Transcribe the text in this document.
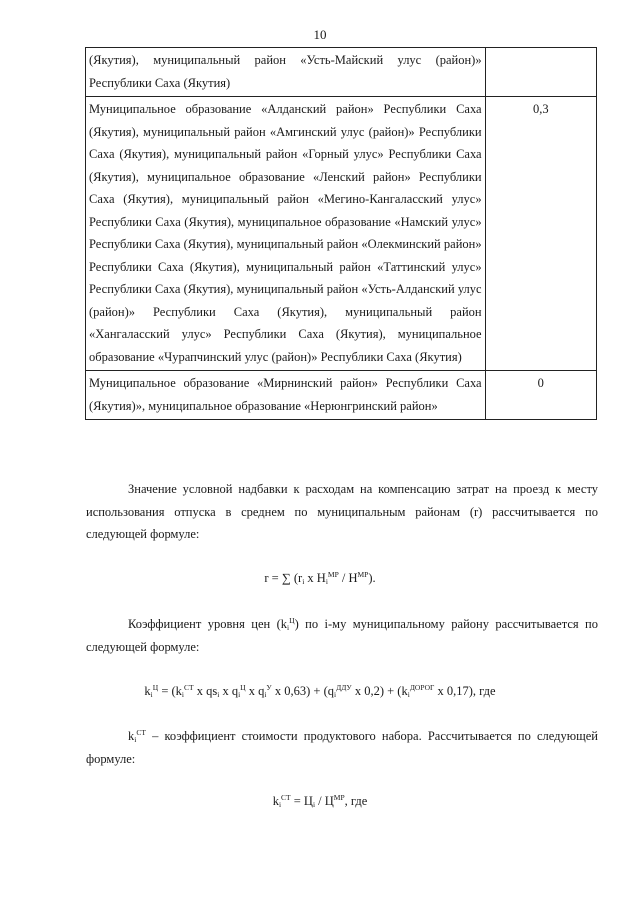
10
(Якутия), муниципальный район «Усть-Майский улус (район)» Республики Саха (Якутия)	
Муниципальное образование «Алданский район» Республики Саха (Якутия), муниципальный район «Амгинский улус (район)» Республики Саха (Якутия), муниципальный район «Горный улус» Республики Саха (Якутия), муниципальное образование «Ленский район» Республики Саха (Якутия), муниципальный район «Мегино-Кангаласский улус» Республики Саха (Якутия), муниципальное образование «Намский улус» Республики Саха (Якутия), муниципальный район «Олекминский район» Республики Саха (Якутия), муниципальный район «Таттинский улус» Республики Саха (Якутия), муниципальный район «Усть-Алданский улус (район)» Республики Саха (Якутия), муниципальный район «Хангаласский улус» Республики Саха (Якутия), муниципальное образование «Чурапчинский улус (район)» Республики Саха (Якутия)	0,3
Муниципальное образование «Мирнинский район» Республики Саха (Якутия)», муниципальное образование «Нерюнгринский район»	0

Значение условной надбавки к расходам на компенсацию затрат на проезд к месту использования отпуска в среднем по муниципальным районам (r) рассчитывается по следующей формуле:

r = ∑ ($r_i$ x $H_i^{MP} / H^{MP}$).

Коэффициент уровня цен $(k_i^Ц)$ по i-му муниципальному району рассчитывается по следующей формуле:

$k_i^Ц = (k_i^{CT}$ x $qs_i$ x $q_i^Ц$ x $q_i^У$ x $0,63) + (q_i^{ДДУ}$ x $0,2) + (k_i^{ДОРОГ}$ x 0,17), где

$k_i^{CT}$ – коэффициент стоимости продуктового набора. Рассчитывается по следующей формуле:

$k_i^{CT} = Ц_i / Ц^{MP}$, где
